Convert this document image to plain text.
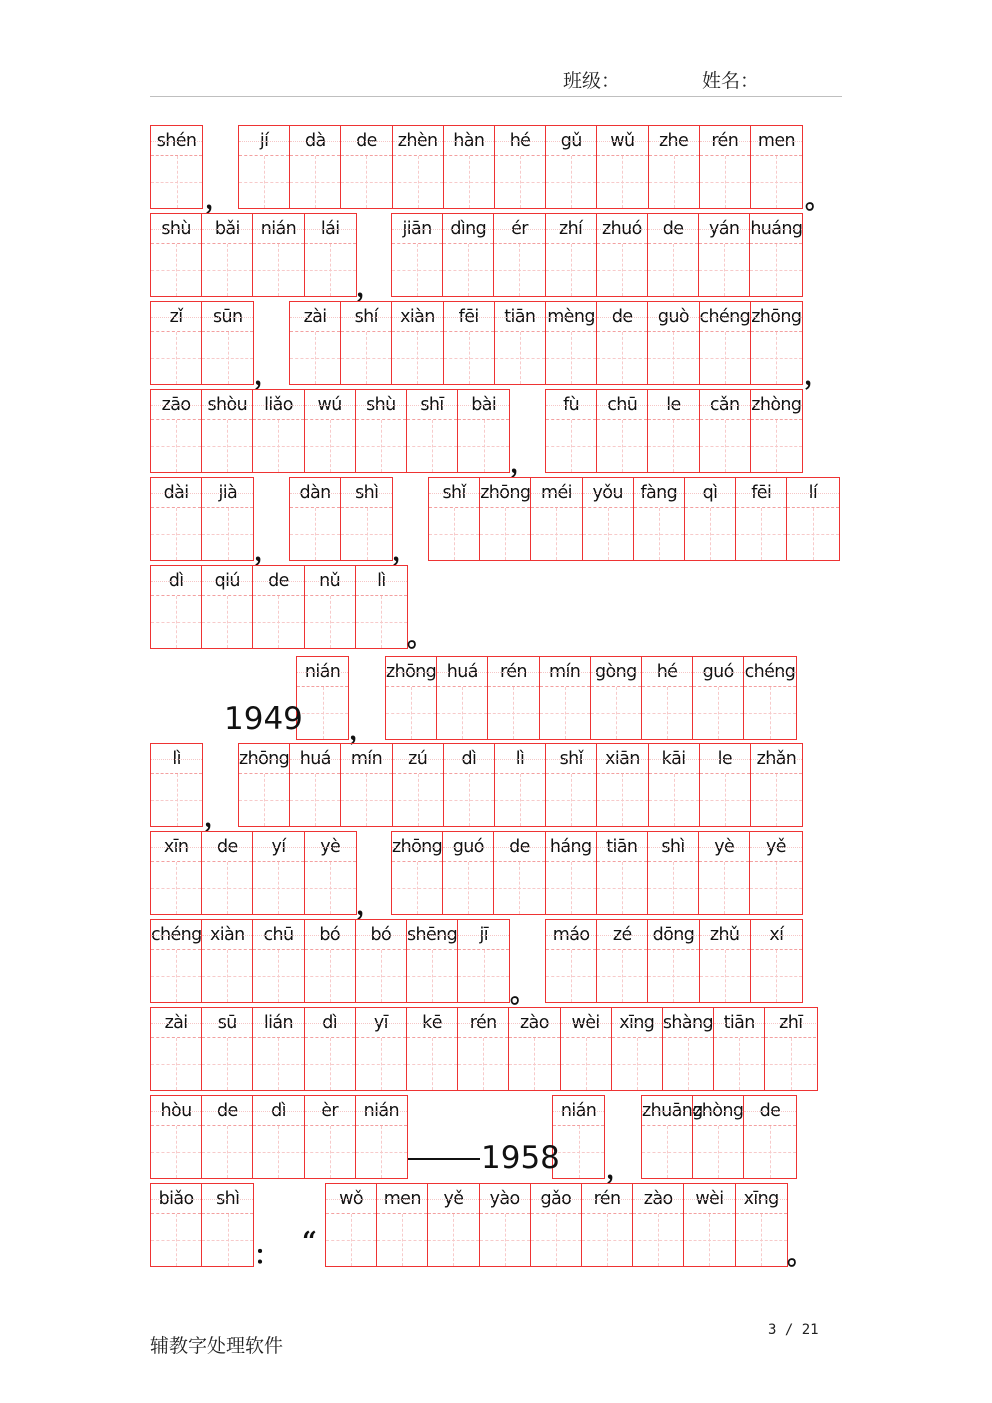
班级：	姓名：
shén	jí	dà	de	zhèn hàn	hé	gǔ	wǔ	zhe	rén	men
，	。
shù	bǎi	nián	lái	jiān	dìng	ér	zhí	zhuó	de	yán huáng
，
zǐ	sūn	zài	shí	xiàn	fēi	tiān mèng de	guò chéng zhōng
，	，
zāo shòu liǎo	wú	shù	shī	bài	fù	chū	le	cǎn zhòng
，
dài	jià	dàn	shì	shǐ zhōng méi	yǒu	fàng	qì	fēi	lí
，	，
dì	qiú	de	nǔ	lì
。
nián	zhōng huá	rén	mín gòng	hé	guó chéng
，
1949
lì	zhōng huá	mín	zú	dì	lì	shǐ	xiān	kāi	le	zhǎn
，
xīn	de	yí	yè	zhōng guó	de	háng tiān	shì	yè	yě
，
chéng xiàn	chū	bó	bó shēng	jī	máo	zé	dōng zhǔ	xí
。
zài	sū	lián	dì	yī	kē	rén	zào	wèi	xīng shàng tiān	zhī
hòu	de	dì	èr	nián	nián	zhuāng
zhòng de
，
1958
biǎo	shì	wǒ	men	yě	yào	gǎo	rén	zào	wèi	xīng
： “	。
辅教字处理软件
3 / 21
